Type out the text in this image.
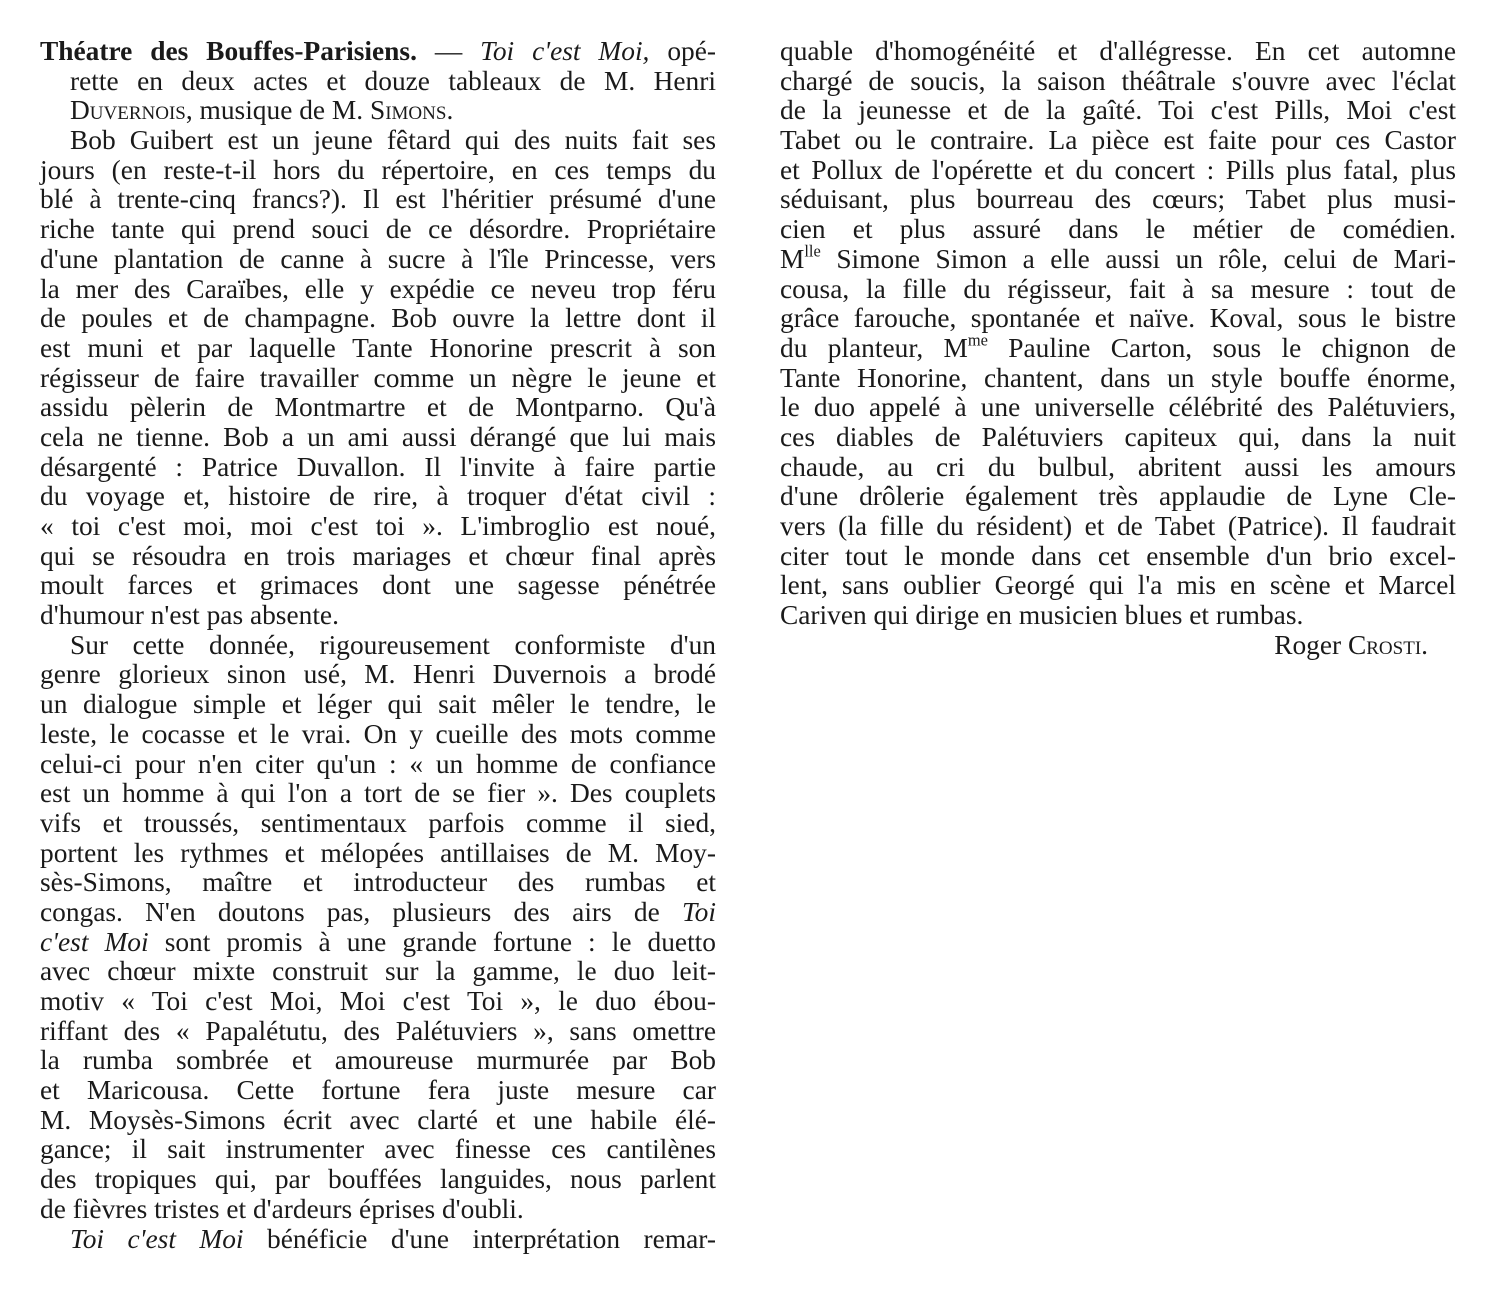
Théatre des Bouffes-Parisiens. — Toi c'est Moi, opé-
rette en deux actes et douze tableaux de M. Henri
Duvernois, musique de M. Simons.
Bob Guibert est un jeune fêtard qui des nuits fait ses
jours (en reste-t-il hors du répertoire, en ces temps du
blé à trente-cinq francs?). Il est l'héritier présumé d'une
riche tante qui prend souci de ce désordre. Propriétaire
d'une plantation de canne à sucre à l'île Princesse, vers
la mer des Caraïbes, elle y expédie ce neveu trop féru
de poules et de champagne. Bob ouvre la lettre dont il
est muni et par laquelle Tante Honorine prescrit à son
régisseur de faire travailler comme un nègre le jeune et
assidu pèlerin de Montmartre et de Montparno. Qu'à
cela ne tienne. Bob a un ami aussi dérangé que lui mais
désargenté : Patrice Duvallon. Il l'invite à faire partie
du voyage et, histoire de rire, à troquer d'état civil :
« toi c'est moi, moi c'est toi ». L'imbroglio est noué,
qui se résoudra en trois mariages et chœur final après
moult farces et grimaces dont une sagesse pénétrée
d'humour n'est pas absente.
Sur cette donnée, rigoureusement conformiste d'un
genre glorieux sinon usé, M. Henri Duvernois a brodé
un dialogue simple et léger qui sait mêler le tendre, le
leste, le cocasse et le vrai. On y cueille des mots comme
celui-ci pour n'en citer qu'un : « un homme de confiance
est un homme à qui l'on a tort de se fier ». Des couplets
vifs et troussés, sentimentaux parfois comme il sied,
portent les rythmes et mélopées antillaises de M. Moy-
sès-Simons, maître et introducteur des rumbas et
congas. N'en doutons pas, plusieurs des airs de Toi
c'est Moi sont promis à une grande fortune : le duetto
avec chœur mixte construit sur la gamme, le duo leit-
motiv « Toi c'est Moi, Moi c'est Toi », le duo ébou-
riffant des « Papalétutu, des Palétuviers », sans omettre
la rumba sombrée et amoureuse murmurée par Bob
et Maricousa. Cette fortune fera juste mesure car
M. Moysès-Simons écrit avec clarté et une habile élé-
gance; il sait instrumenter avec finesse ces cantilènes
des tropiques qui, par bouffées languides, nous parlent
de fièvres tristes et d'ardeurs éprises d'oubli.
Toi c'est Moi bénéficie d'une interprétation remar-
quable d'homogénéité et d'allégresse. En cet automne
chargé de soucis, la saison théâtrale s'ouvre avec l'éclat
de la jeunesse et de la gaîté. Toi c'est Pills, Moi c'est
Tabet ou le contraire. La pièce est faite pour ces Castor
et Pollux de l'opérette et du concert : Pills plus fatal, plus
séduisant, plus bourreau des cœurs; Tabet plus musi-
cien et plus assuré dans le métier de comédien.
$M^{lle}$ Simone Simon a elle aussi un rôle, celui de Mari-
cousa, la fille du régisseur, fait à sa mesure : tout de
grâce farouche, spontanée et naïve. Koval, sous le bistre
du planteur, $M^{me}$ Pauline Carton, sous le chignon de
Tante Honorine, chantent, dans un style bouffe énorme,
le duo appelé à une universelle célébrité des Palétuviers,
ces diables de Palétuviers capiteux qui, dans la nuit
chaude, au cri du bulbul, abritent aussi les amours
d'une drôlerie également très applaudie de Lyne Cle-
vers (la fille du résident) et de Tabet (Patrice). Il faudrait
citer tout le monde dans cet ensemble d'un brio excel-
lent, sans oublier Georgé qui l'a mis en scène et Marcel
Cariven qui dirige en musicien blues et rumbas.
Roger Crosti.
